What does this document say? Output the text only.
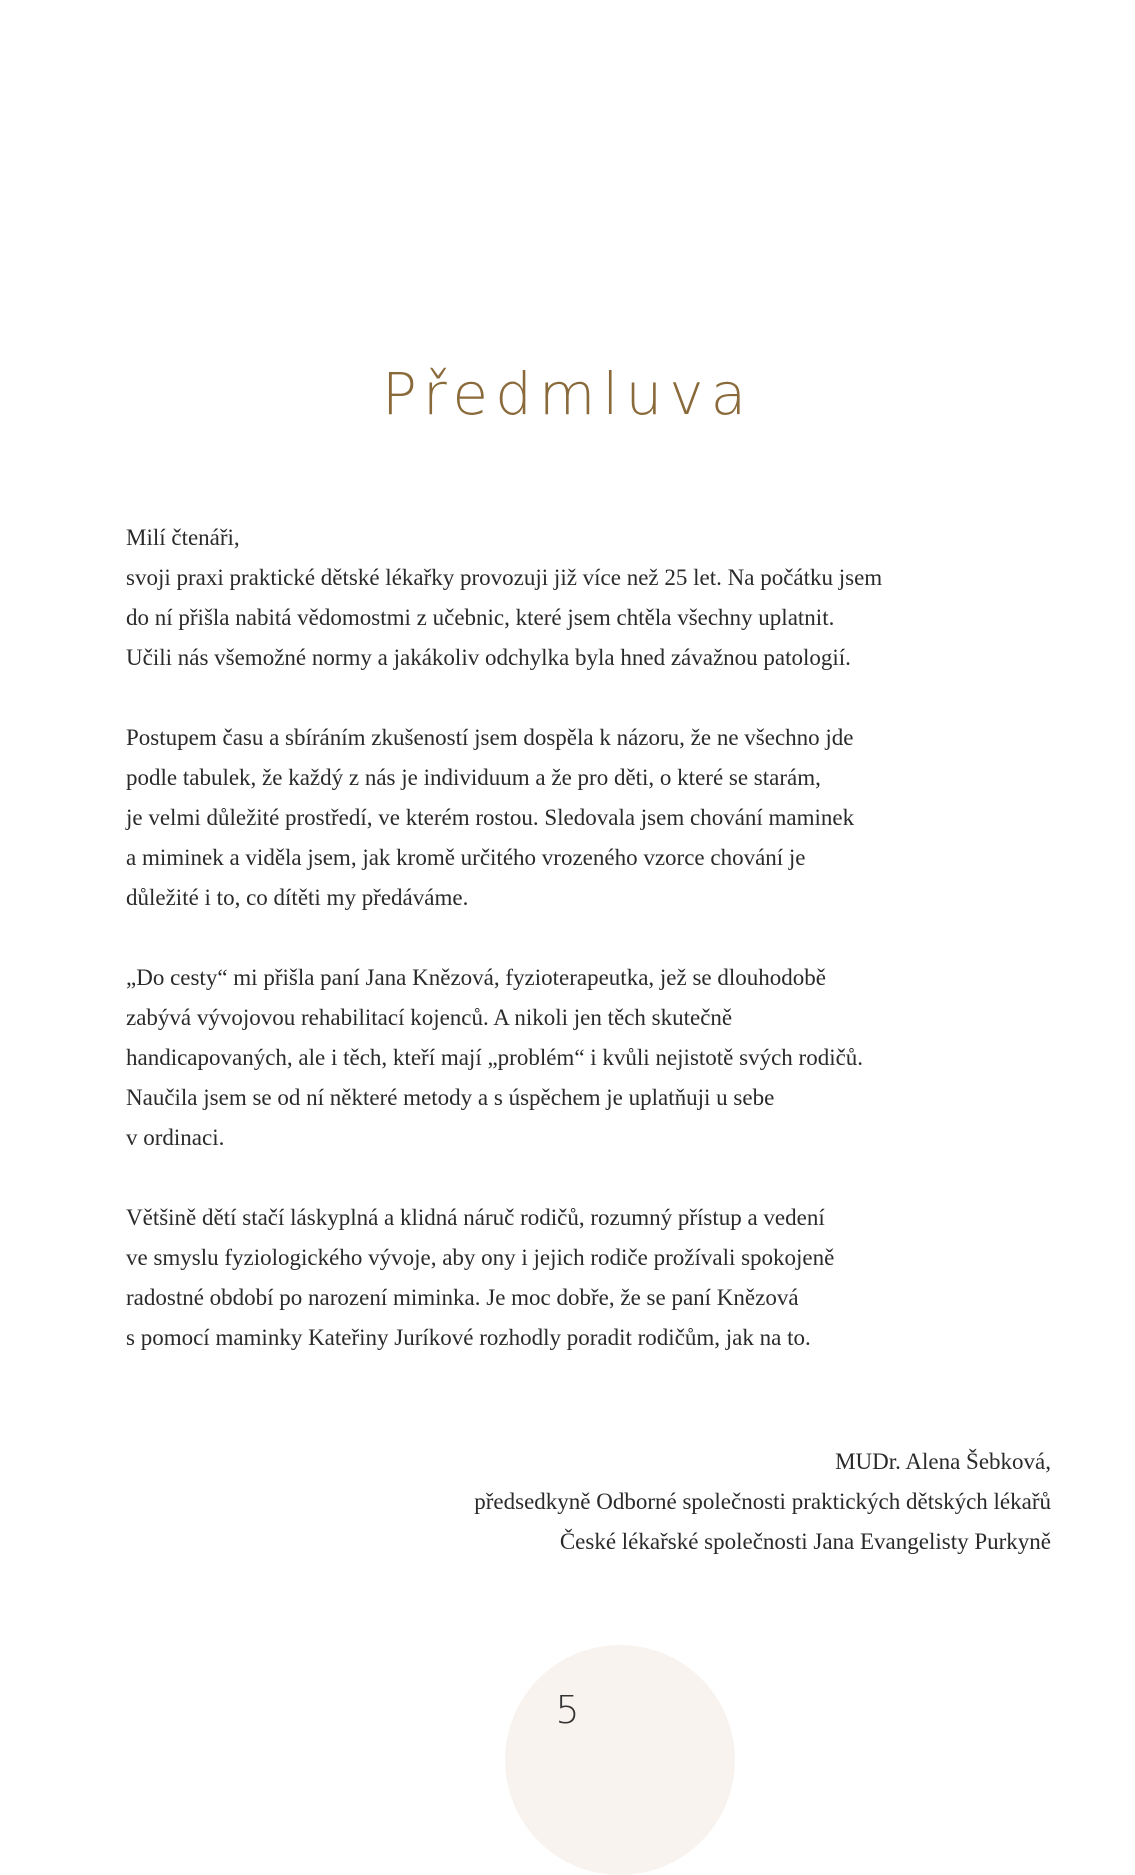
Předmluva

Milí čtenáři,
svoji praxi praktické dětské lékařky provozuji již více než 25 let. Na počátku jsem
do ní přišla nabitá vědomostmi z učebnic, které jsem chtěla všechny uplatnit.
Učili nás všemožné normy a jakákoliv odchylka byla hned závažnou patologií.

Postupem času a sbíráním zkušeností jsem dospěla k názoru, že ne všechno jde
podle tabulek, že každý z nás je individuum a že pro děti, o které se starám,
je velmi důležité prostředí, ve kterém rostou. Sledovala jsem chování maminek
a miminek a viděla jsem, jak kromě určitého vrozeného vzorce chování je
důležité i to, co dítěti my předáváme.

„Do cesty“ mi přišla paní Jana Knězová, fyzioterapeutka, jež se dlouhodobě
zabývá vývojovou rehabilitací kojenců. A nikoli jen těch skutečně
handicapovaných, ale i těch, kteří mají „problém“ i kvůli nejistotě svých rodičů.
Naučila jsem se od ní některé metody a s úspěchem je uplatňuji u sebe
v ordinaci.

Většině dětí stačí láskyplná a klidná náruč rodičů, rozumný přístup a vedení
ve smyslu fyziologického vývoje, aby ony i jejich rodiče prožívali spokojeně
radostné období po narození miminka. Je moc dobře, že se paní Knězová
s pomocí maminky Kateřiny Juríkové rozhodly poradit rodičům, jak na to.

MUDr. Alena Šebková,
předsedkyně Odborné společnosti praktických dětských lékařů
České lékařské společnosti Jana Evangelisty Purkyně
5
